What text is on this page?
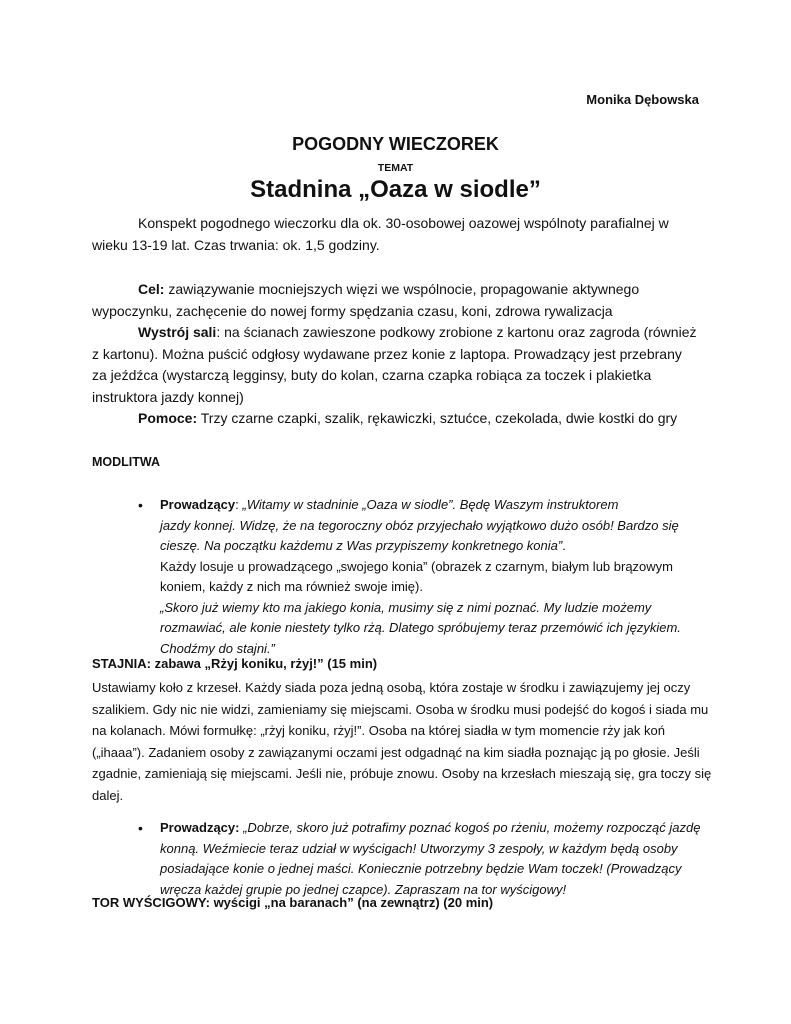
Monika Dębowska
POGODNY WIECZOREK
TEMAT
Stadnina „Oaza w siodle”
Konspekt pogodnego wieczorku dla ok. 30-osobowej oazowej wspólnoty parafialnej w wieku 13-19 lat. Czas trwania: ok. 1,5 godziny.

Cel: zawiązywanie mocniejszych więzi we wspólnocie, propagowanie aktywnego

wypoczynku, zachęcenie do nowej formy spędzania czasu, koni, zdrowa rywalizacja

Wystrój sali: na ścianach zawieszone podkowy zrobione z kartonu oraz zagroda (również

z kartonu). Można puścić odgłosy wydawane przez konie z laptopa. Prowadzący jest przebrany
za jeźdźca (wystarczą legginsy, buty do kolan, czarna czapka robiąca za toczek i plakietka
instruktora jazdy konnej)

Pomoce: Trzy czarne czapki, szalik, rękawiczki, sztućce, czekolada, dwie kostki do gry

MODLITWA
• Prowadzący: „Witamy w stadninie „Oaza w siodle”. Będę Waszym instruktorem
jazdy konnej. Widzę, że na tegoroczny obóz przyjechało wyjątkowo dużo osób! Bardzo się
cieszę. Na początku każdemu z Was przypiszemy konkretnego konia”.
Każdy losuje u prowadzącego „swojego konia” (obrazek z czarnym, białym lub brązowym
koniem, każdy z nich ma również swoje imię).
„Skoro już wiemy kto ma jakiego konia, musimy się z nimi poznać. My ludzie możemy
rozmawiać, ale konie niestety tylko rżą. Dlatego spróbujemy teraz przemówić ich językiem.
Chodźmy do stajni.”
STAJNIA: zabawa „Rżyj koniku, rżyj!” (15 min)
Ustawiamy koło z krzeseł. Każdy siada poza jedną osobą, która zostaje w środku i zawiązujemy jej oczy
szalikiem. Gdy nic nie widzi, zamieniamy się miejscami. Osoba w środku musi podejść do kogoś i siada mu
na kolanach. Mówi formułkę: „rżyj koniku, rżyj!”. Osoba na której siadła w tym momencie rży jak koń
(„ihaaa”). Zadaniem osoby z zawiązanymi oczami jest odgadnąć na kim siadła poznając ją po głosie. Jeśli
zgadnie, zamieniają się miejscami. Jeśli nie, próbuje znowu. Osoby na krzesłach mieszają się, gra toczy się
dalej.
• Prowadzący: „Dobrze, skoro już potrafimy poznać kogoś po rżeniu, możemy rozpocząć jazdę
konną. Weźmiecie teraz udział w wyścigach! Utworzymy 3 zespoły, w każdym będą osoby
posiadające konie o jednej maści. Koniecznie potrzebny będzie Wam toczek! (Prowadzący
wręcza każdej grupie po jednej czapce). Zapraszam na tor wyścigowy!
TOR WYŚCIGOWY: wyścigi „na baranach” (na zewnątrz) (20 min)
